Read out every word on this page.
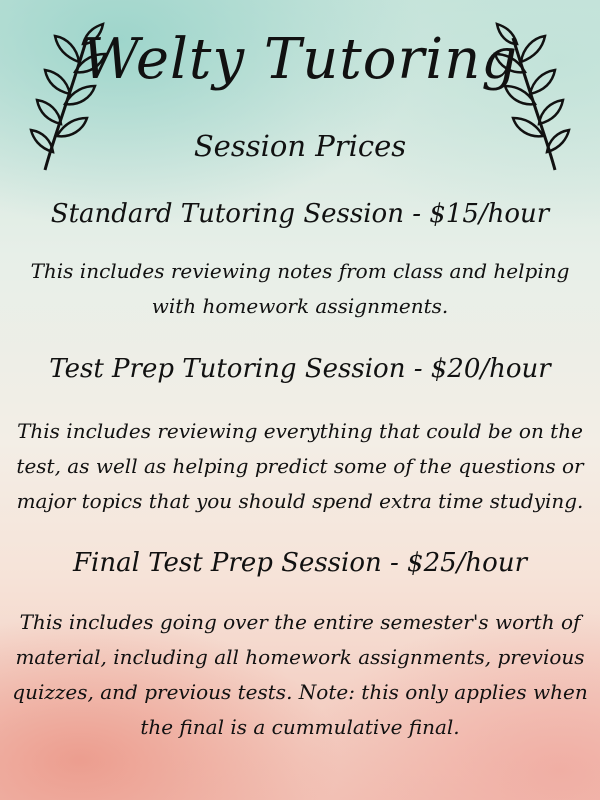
Welty Tutoring
Session Prices
Standard Tutoring Session - $15/hour
This includes reviewing notes from class and helping with homework assignments.
Test Prep Tutoring Session - $20/hour
This includes reviewing everything that could be on the test, as well as helping predict some of the questions or major topics that you should spend extra time studying.
Final Test Prep Session - $25/hour
This includes going over the entire semester's worth of material, including all homework assignments, previous quizzes, and previous tests. Note: this only applies when the final is a cummulative final.
